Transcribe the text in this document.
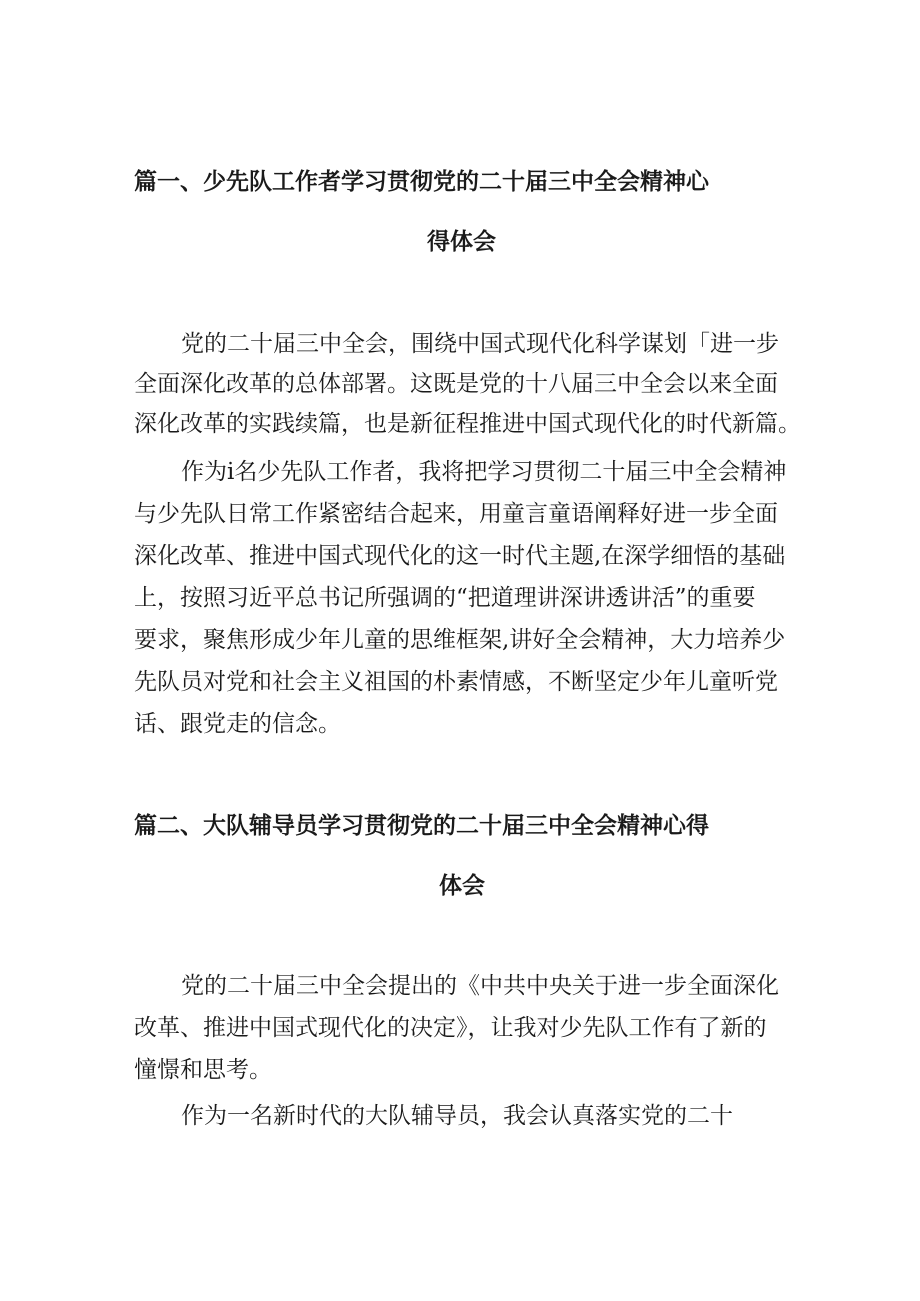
篇一、少先队工作者学习贯彻党的二十届三中全会精神心
得体会
党的二十届三中全会，围绕中国式现代化科学谋划「进一步
全面深化改革的总体部署。这既是党的十八届三中全会以来全面
深化改革的实践续篇，也是新征程推进中国式现代化的时代新篇。
作为i名少先队工作者，我将把学习贯彻二十届三中全会精神
与少先队日常工作紧密结合起来，用童言童语阐释好进一步全面
深化改革、推进中国式现代化的这一时代主题,在深学细悟的基础
上，按照习近平总书记所强调的“把道理讲深讲透讲活”的重要
要求，聚焦形成少年儿童的思维框架,讲好全会精神，大力培养少
先队员对党和社会主义祖国的朴素情感，不断坚定少年儿童听党
话、跟党走的信念。
篇二、大队辅导员学习贯彻党的二十届三中全会精神心得
体会
党的二十届三中全会提出的《中共中央关于进一步全面深化
改革、推进中国式现代化的决定》，让我对少先队工作有了新的
憧憬和思考。
作为一名新时代的大队辅导员，我会认真落实党的二十
